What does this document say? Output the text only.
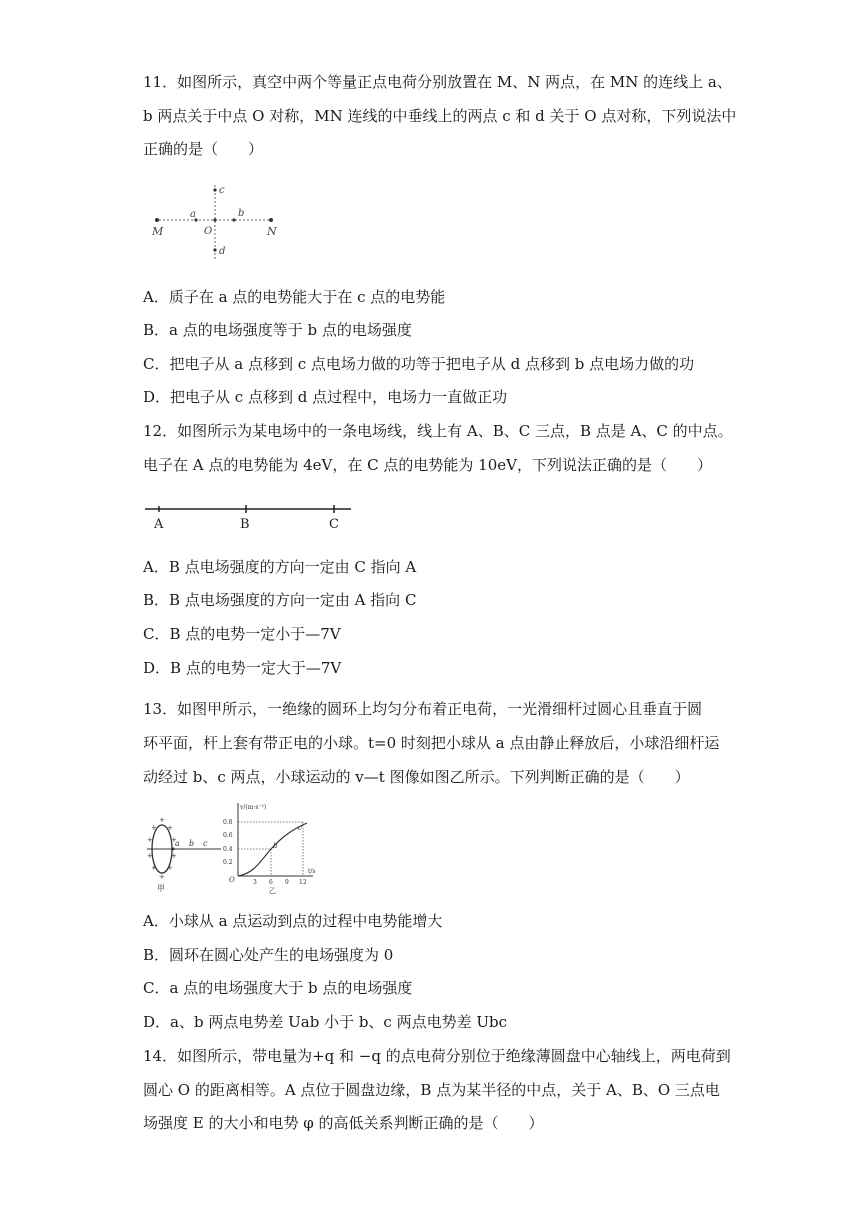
11．如图所示，真空中两个等量正点电荷分别放置在 M、N 两点，在 MN 的连线上 a、
b 两点关于中点 O 对称，MN 连线的中垂线上的两点 c 和 d 关于 O 点对称，下列说法中
正确的是（　　）
M	N
a	b
O
c
d
A．质子在 a 点的电势能大于在 c 点的电势能
B．a 点的电场强度等于 b 点的电场强度
C．把电子从 a 点移到 c 点电场力做的功等于把电子从 d 点移到 b 点电场力做的功
D．把电子从 c 点移到 d 点过程中，电场力一直做正功
12．如图所示为某电场中的一条电场线，线上有 A、B、C 三点，B 点是 A、C 的中点。
电子在 A 点的电势能为 4eV，在 C 点的电势能为 10eV，下列说法正确的是（　　）
A	B	C
A．B 点电场强度的方向一定由 C 指向 A
B．B 点电场强度的方向一定由 A 指向 C
C．B 点的电势一定小于—7V
D．B 点的电势一定大于—7V
13．如图甲所示，一绝缘的圆环上均匀分布着正电荷，一光滑细杆过圆心且垂直于圆
环平面，杆上套有带正电的小球。t=0 时刻把小球从 a 点由静止释放后，小球沿细杆运
动经过 b、c 两点，小球运动的 v—t 图像如图乙所示。下列判断正确的是（　　）
+
+
+
+
+
+
+
+
+
+
a b c
甲
v/(m·s⁻¹)
t/s
O
b
c
0.8
0.6
0.4
0.2
3 6 9 12
乙
A．小球从 a 点运动到点的过程中电势能增大
B．圆环在圆心处产生的电场强度为 0
C．a 点的电场强度大于 b 点的电场强度
D．a、b 两点电势差 Uab 小于 b、c 两点电势差 Ubc
14．如图所示，带电量为+q 和 −q 的点电荷分别位于绝缘薄圆盘中心轴线上，两电荷到
圆心 O 的距离相等。A 点位于圆盘边缘，B 点为某半径的中点，关于 A、B、O 三点电
场强度 E 的大小和电势 φ 的高低关系判断正确的是（　　）
